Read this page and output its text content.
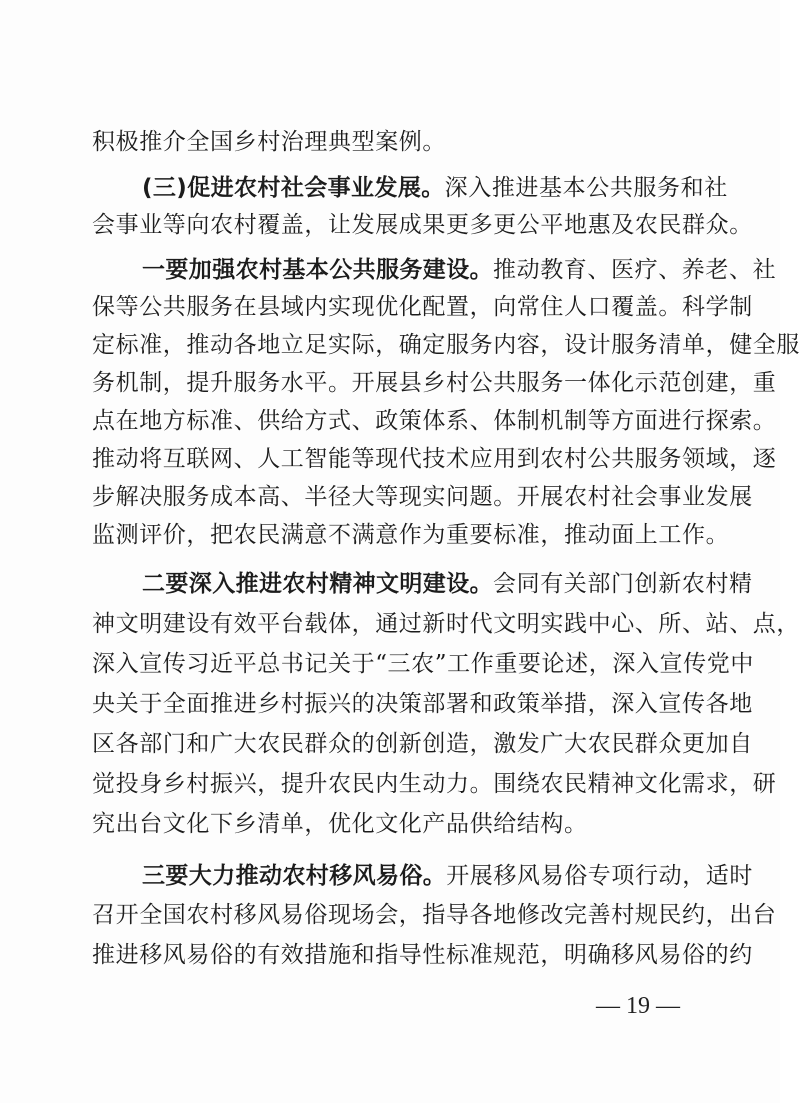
积极推介全国乡村治理典型案例。
(三)促进农村社会事业发展。深入推进基本公共服务和社
会事业等向农村覆盖，让发展成果更多更公平地惠及农民群众。
一要加强农村基本公共服务建设。推动教育、医疗、养老、社
保等公共服务在县域内实现优化配置，向常住人口覆盖。科学制
定标准，推动各地立足实际，确定服务内容，设计服务清单，健全服
务机制，提升服务水平。开展县乡村公共服务一体化示范创建，重
点在地方标准、供给方式、政策体系、体制机制等方面进行探索。
推动将互联网、人工智能等现代技术应用到农村公共服务领域，逐
步解决服务成本高、半径大等现实问题。开展农村社会事业发展
监测评价，把农民满意不满意作为重要标准，推动面上工作。
二要深入推进农村精神文明建设。会同有关部门创新农村精
神文明建设有效平台载体，通过新时代文明实践中心、所、站、点，
深入宣传习近平总书记关于“三农”工作重要论述，深入宣传党中
央关于全面推进乡村振兴的决策部署和政策举措，深入宣传各地
区各部门和广大农民群众的创新创造，激发广大农民群众更加自
觉投身乡村振兴，提升农民内生动力。围绕农民精神文化需求，研
究出台文化下乡清单，优化文化产品供给结构。
三要大力推动农村移风易俗。开展移风易俗专项行动，适时
召开全国农村移风易俗现场会，指导各地修改完善村规民约，出台
推进移风易俗的有效措施和指导性标准规范，明确移风易俗的约
— 19 —
